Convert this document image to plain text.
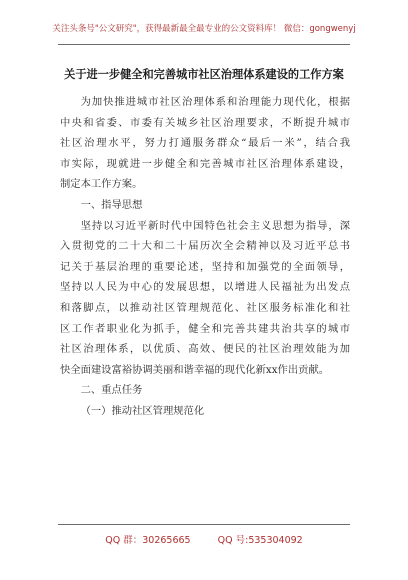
关注头条号"公文研究"，获得最新最全最专业的公文资料库！ 微信：gongwenyj
关于进一步健全和完善城市社区治理体系建设的工作方案

为加快推进城市社区治理体系和治理能力现代化，根据
中央和省委、市委有关城乡社区治理要求，不断提升城市
社区治理水平，努力打通服务群众“最后一米”，结合我
市实际，现就进一步健全和完善城市社区治理体系建设，
制定本工作方案。

一、指导思想

坚持以习近平新时代中国特色社会主义思想为指导，深
入贯彻党的二十大和二十届历次全会精神以及习近平总书
记关于基层治理的重要论述，坚持和加强党的全面领导，
坚持以人民为中心的发展思想，以增进人民福祉为出发点
和落脚点，以推动社区管理规范化、社区服务标准化和社
区工作者职业化为抓手，健全和完善共建共治共享的城市
社区治理体系，以优质、高效、便民的社区治理效能为加
快全面建设富裕协调美丽和谐幸福的现代化新xx作出贡献。

二、重点任务

（一）推动社区管理规范化

QQ 群：30265665	QQ 号:535304092
